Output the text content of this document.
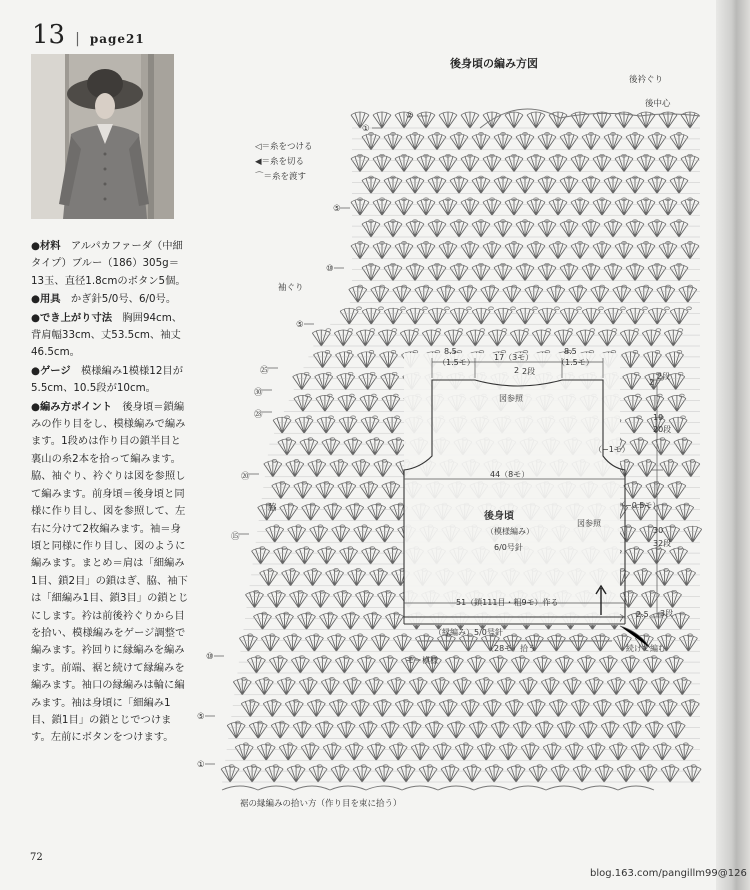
13 | page21

●材料　 アルパカファーダ（中細タイプ）ブルー（186）305g＝13玉、直径1.8cmのボタン5個。

●用具　 かぎ針5/0号、6/0号。

●でき上がり寸法　 胸囲94cm、背肩幅33cm、丈53.5cm、袖丈46.5cm。

●ゲージ　 模様編み1模様12目が5.5cm、10.5段が10cm。

●編み方ポイント　 後身頃＝鎖編みの作り目をし、模様編みで編みます。1段めは作り目の鎖半目と裏山の糸2本を拾って編みます。脇、袖ぐり、衿ぐりは図を参照して編みます。前身頃＝後身頃と同様に作り目し、図を参照して、左右に分けて2枚編みます。袖＝身頃と同様に作り目し、図のように編みます。まとめ＝肩は「細編み1目、鎖2目」の鎖はぎ、脇、袖下は「細編み1目、鎖3目」の鎖とじにします。衿は前後衿ぐりから目を拾い、模様編みをゲージ調整で編みます。衿回りに縁編みを編みます。前端、裾と続けて縁編みを編みます。袖口の縁編みは輪に編みます。袖は身頃に「細編み1目、鎖1目」の鎖とじでつけます。左前にボタンをつけます。

後身頃の編み方図
後衿ぐり
後中心
袖ぐり
脇
◁＝糸をつける
◀＝糸を切る
⌒＝糸を渡す
①
②
⑤
⑩
⑤
㉕
㉚
㉘
⑳
⑮
⑩
⑤
①
裾の縁編みの拾い方（作り目を束に拾う）
8.5
（1.5モ）
17（3モ）
8.5
（1.5モ）
2 2段
2
2段
図参照
（−1モ）
44（8モ）
19
20段
（−0.5モ）
後身頃
（模様編み）
6/0号針
図参照
30
32段
51（鎖111目・粗9モ）作る
（縁編み）5/0号針
2.5 3段
（28モ）拾う	続けて編む
モ＝模様
72
blog.163.com/pangillm99@126
